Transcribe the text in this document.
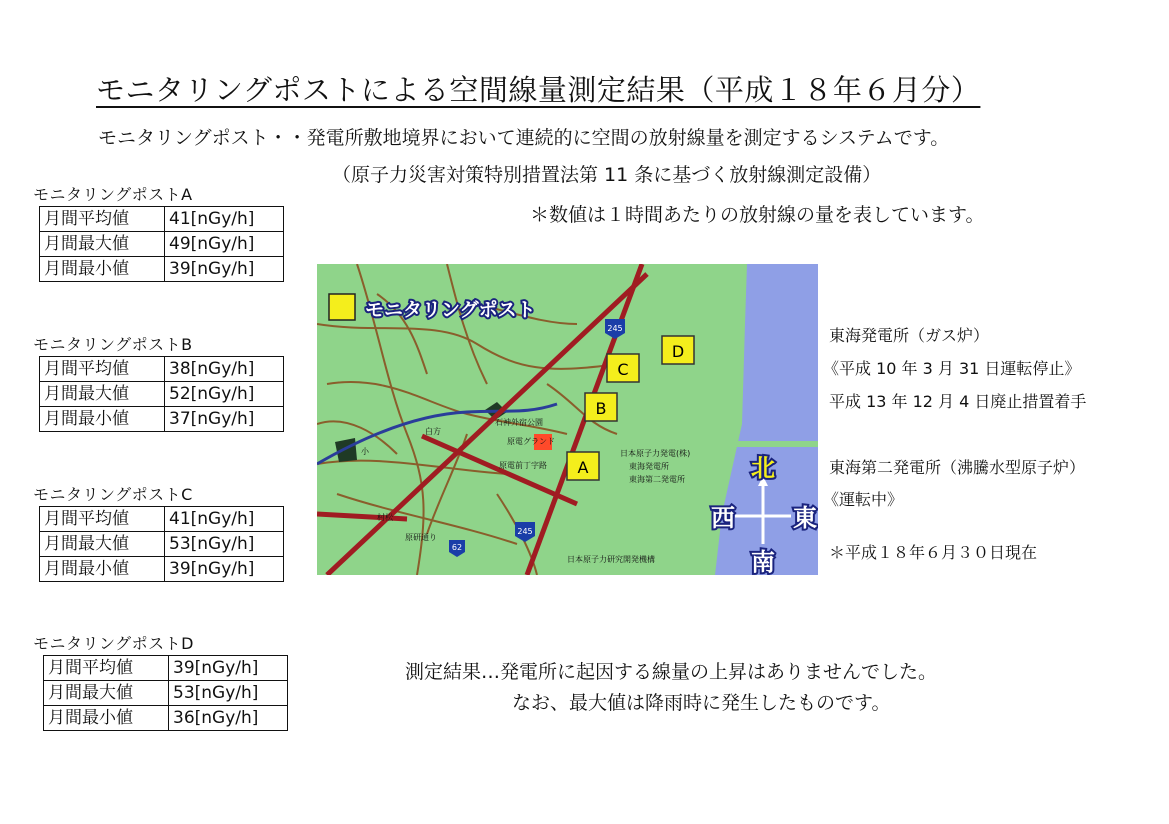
モニタリングポストによる空間線量測定結果（平成１８年６月分）
モニタリングポスト・・発電所敷地境界において連続的に空間の放射線量を測定するシステムです。
（原子力災害対策特別措置法第 11 条に基づく放射線測定設備）
＊数値は１時間あたりの放射線の量を表しています。
モニタリングポストA
月間平均値	41[nGy/h]
月間最大値	49[nGy/h]
月間最小値	39[nGy/h]
モニタリングポストB
月間平均値	38[nGy/h]
月間最大値	52[nGy/h]
月間最小値	37[nGy/h]
モニタリングポストC
月間平均値	41[nGy/h]
月間最大値	53[nGy/h]
月間最小値	39[nGy/h]
モニタリングポストD
月間平均値	39[nGy/h]
月間最大値	53[nGy/h]
月間最小値	36[nGy/h]
モニタリングポスト
A
B
C
D
245
245
62
石神外宿公園
原電グランド
原電前丁字路
日本原子力発電(株)
東海発電所
東海第二発電所
日本原子力研究開発機構
原研通り
村松
白方
小
北
南
東
西
東海発電所（ガス炉）
《平成 10 年 3 月 31 日運転停止》
平成 13 年 12 月 4 日廃止措置着手
東海第二発電所（沸騰水型原子炉）
《運転中》
＊平成１８年６月３０日現在
測定結果…発電所に起因する線量の上昇はありませんでした。
なお、最大値は降雨時に発生したものです。
